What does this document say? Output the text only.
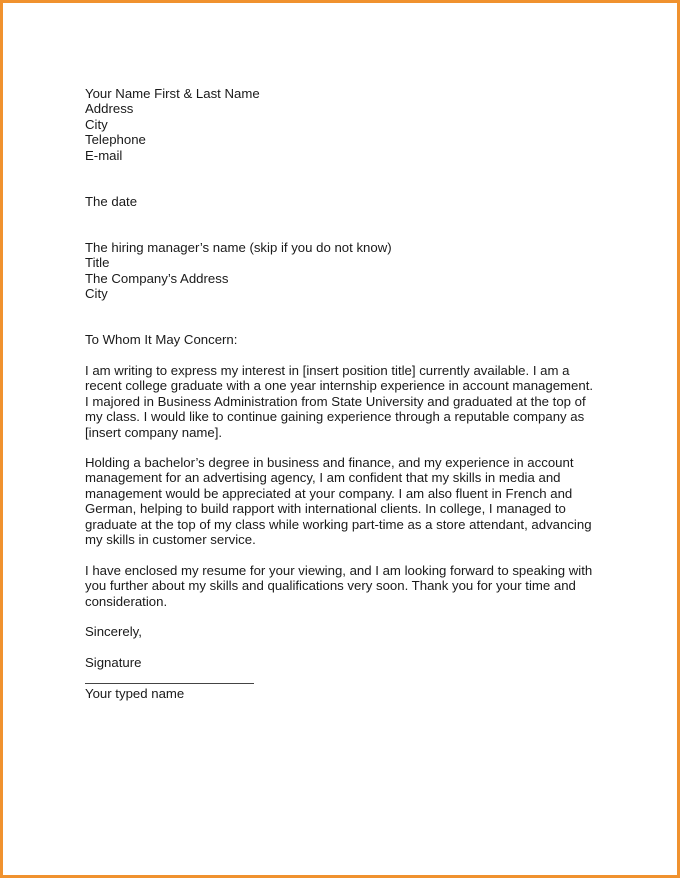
Your Name First & Last Name
Address
City
Telephone
E-mail
The date
The hiring manager’s name (skip if you do not know)
Title
The Company’s Address
City
To Whom It May Concern:
I am writing to express my interest in [insert position title] currently available. I am a
recent college graduate with a one year internship experience in account management.
I majored in Business Administration from State University and graduated at the top of
my class. I would like to continue gaining experience through a reputable company as
[insert company name].
Holding a bachelor’s degree in business and finance, and my experience in account
management for an advertising agency, I am confident that my skills in media and
management would be appreciated at your company. I am also fluent in French and
German, helping to build rapport with international clients. In college, I managed to
graduate at the top of my class while working part-time as a store attendant, advancing
my skills in customer service.
I have enclosed my resume for your viewing, and I am looking forward to speaking with
you further about my skills and qualifications very soon. Thank you for your time and
consideration.
Sincerely,
Signature
Your typed name
